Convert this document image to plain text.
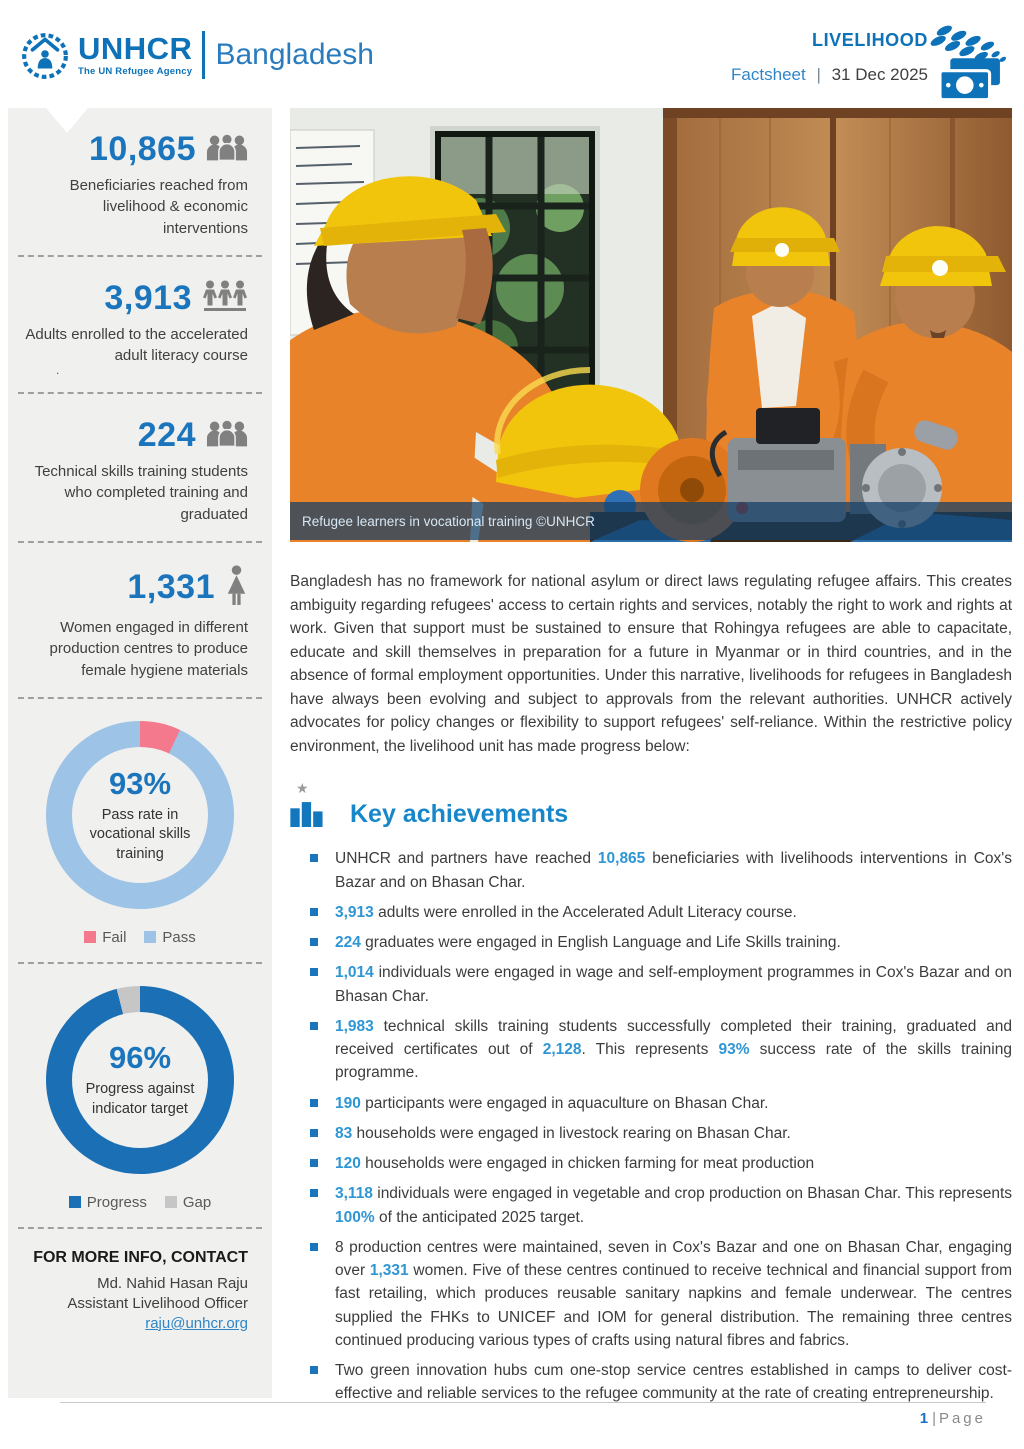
UNHCR
The UN Refugee Agency
Bangladesh	LIVELIHOOD
Factsheet | 31 Dec 2025
10,865
Beneficiaries reached from livelihood & economic interventions
3,913
Adults enrolled to the accelerated adult literacy course
.
224
Technical skills training students who completed training and graduated
1,331
Women engaged in different production centres to produce female hygiene materials
93%
Pass rate in vocational skills training
Fail	Pass
96%
Progress against indicator target
Progress	Gap
FOR MORE INFO, CONTACT
Md. Nahid Hasan Raju
Assistant Livelihood Officer
raju@unhcr.org
Refugee learners in vocational training ©UNHCR

Bangladesh has no framework for national asylum or direct laws regulating refugee affairs. This creates ambiguity regarding refugees' access to certain rights and services, notably the right to work and rights at work. Given that support must be sustained to ensure that Rohingya refugees are able to capacitate, educate and skill themselves in preparation for a future in Myanmar or in third countries, and in the absence of formal employment opportunities. Under this narrative, livelihoods for refugees in Bangladesh have always been evolving and subject to approvals from the relevant authorities. UNHCR actively advocates for policy changes or flexibility to support refugees' self-reliance. Within the restrictive policy environment, the livelihood unit has made progress below:

★
Key achievements
UNHCR and partners have reached 10,865 beneficiaries with livelihoods interventions in Cox's Bazar and on Bhasan Char.
3,913 adults were enrolled in the Accelerated Adult Literacy course.
224 graduates were engaged in English Language and Life Skills training.
1,014 individuals were engaged in wage and self-employment programmes in Cox's Bazar and on Bhasan Char.
1,983 technical skills training students successfully completed their training, graduated and received certificates out of 2,128. This represents 93% success rate of the skills training programme.
190 participants were engaged in aquaculture on Bhasan Char.
83 households were engaged in livestock rearing on Bhasan Char.
120 households were engaged in chicken farming for meat production
3,118 individuals were engaged in vegetable and crop production on Bhasan Char. This represents 100% of the anticipated 2025 target.
8 production centres were maintained, seven in Cox's Bazar and one on Bhasan Char, engaging over 1,331 women. Five of these centres continued to receive technical and financial support from fast retailing, which produces reusable sanitary napkins and female underwear. The centres supplied the FHKs to UNICEF and IOM for general distribution. The remaining three centres continued producing various types of crafts using natural fibres and fabrics.
Two green innovation hubs cum one-stop service centres established in camps to deliver cost-effective and reliable services to the refugee community at the rate of creating entrepreneurship.
1 |Page
